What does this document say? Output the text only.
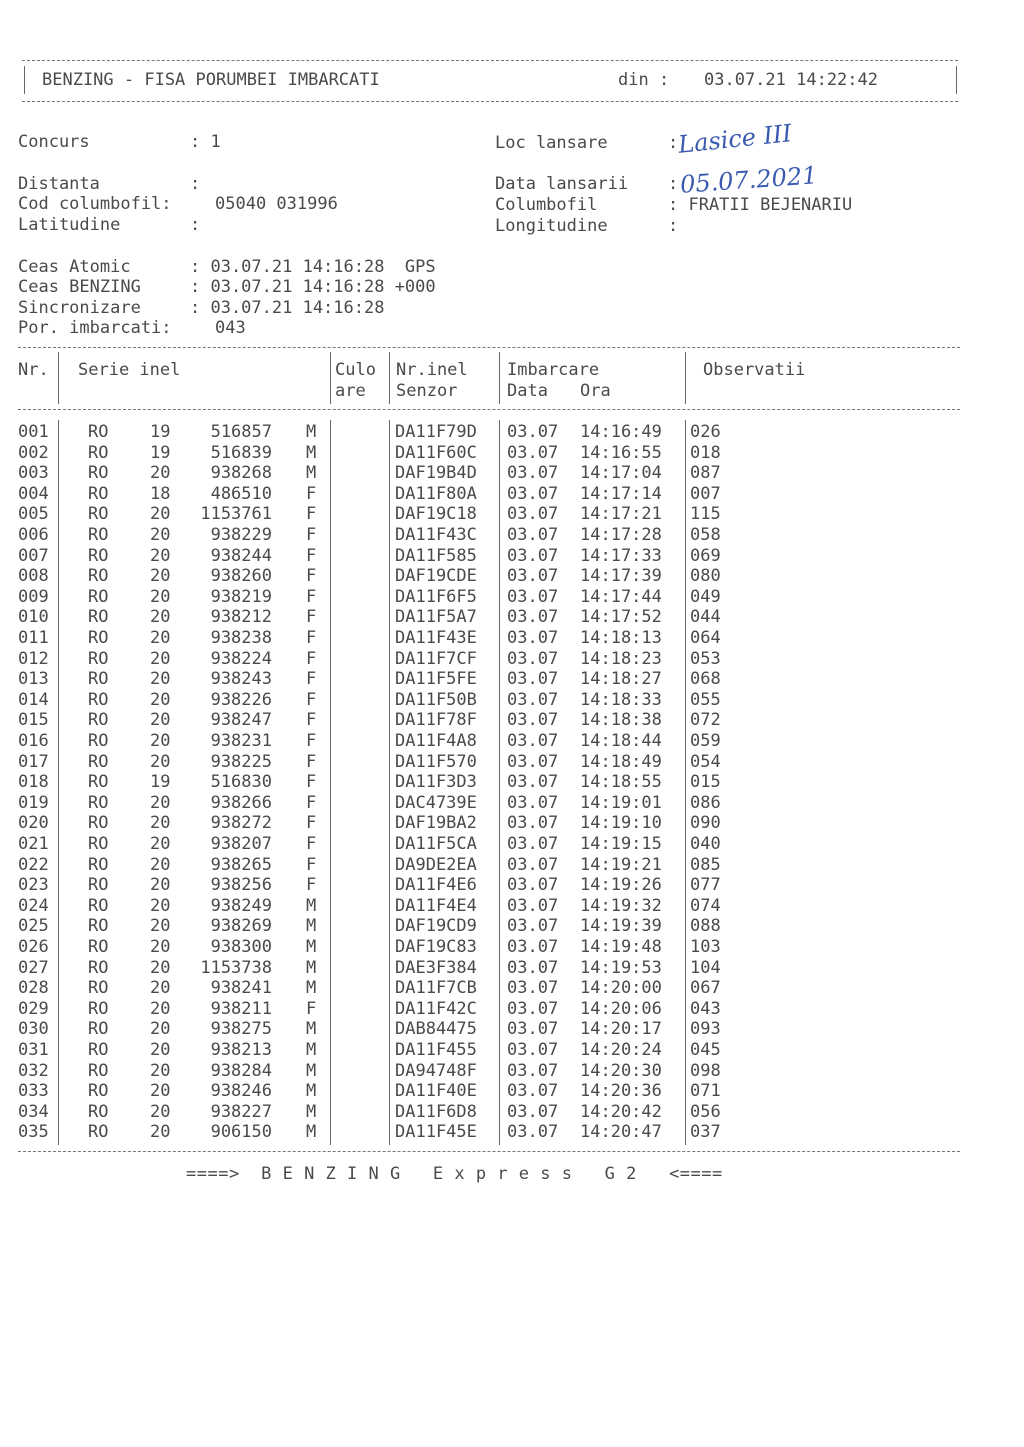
BENZING - FISA PORUMBEI IMBARCATI	din : 03.07.21 14:22:42
Concurs	: 1	Loc lansare	:
Lasice III
Distanta	:	Data lansarii : 05.07.2021
Cod columbofil:	05040 031996	Columbofil	: FRATII BEJENARIU
Latitudine	:	Longitudine	:
Ceas Atomic	: 03.07.21 14:16:28  GPS
Ceas BENZING	: 03.07.21 14:16:28 +000
Sincronizare	: 03.07.21 14:16:28
Por. imbarcati:	043
Nr. Serie inel	Culo
are
Nr.inel
Senzor
Imbarcare
Data Ora
Observatii
001 RO 19	516857 M	DA11F79D 03.07 14:16:49 026
002 RO 19	516839 M	DA11F60C 03.07 14:16:55 018
003 RO 20	938268 M	DAF19B4D 03.07 14:17:04 087
004 RO 18	486510 F	DA11F80A 03.07 14:17:14 007
005 RO 20	1153761 F	DAF19C18 03.07 14:17:21 115
006 RO 20	938229 F	DA11F43C 03.07 14:17:28 058
007 RO 20	938244 F	DA11F585 03.07 14:17:33 069
008 RO 20	938260 F	DAF19CDE 03.07 14:17:39 080
009 RO 20	938219 F	DA11F6F5 03.07 14:17:44 049
010 RO 20	938212 F	DA11F5A7 03.07 14:17:52 044
011 RO 20	938238 F	DA11F43E 03.07 14:18:13 064
012 RO 20	938224 F	DA11F7CF 03.07 14:18:23 053
013 RO 20	938243 F	DA11F5FE 03.07 14:18:27 068
014 RO 20	938226 F	DA11F50B 03.07 14:18:33 055
015 RO 20	938247 F	DA11F78F 03.07 14:18:38 072
016 RO 20	938231 F	DA11F4A8 03.07 14:18:44 059
017 RO 20	938225 F	DA11F570 03.07 14:18:49 054
018 RO 19	516830 F	DA11F3D3 03.07 14:18:55 015
019 RO 20	938266 F	DAC4739E 03.07 14:19:01 086
020 RO 20	938272 F	DAF19BA2 03.07 14:19:10 090
021 RO 20	938207 F	DA11F5CA 03.07 14:19:15 040
022 RO 20	938265 F	DA9DE2EA 03.07 14:19:21 085
023 RO 20	938256 F	DA11F4E6 03.07 14:19:26 077
024 RO 20	938249 M	DA11F4E4 03.07 14:19:32 074
025 RO 20	938269 M	DAF19CD9 03.07 14:19:39 088
026 RO 20	938300 M	DAF19C83 03.07 14:19:48 103
027 RO 20	1153738 M	DAE3F384 03.07 14:19:53 104
028 RO 20	938241 M	DA11F7CB 03.07 14:20:00 067
029 RO 20	938211 F	DA11F42C 03.07 14:20:06 043
030 RO 20	938275 M	DAB84475 03.07 14:20:17 093
031 RO 20	938213 M	DA11F455 03.07 14:20:24 045
032 RO 20	938284 M	DA94748F 03.07 14:20:30 098
033 RO 20	938246 M	DA11F40E 03.07 14:20:36 071
034 RO 20	938227 M	DA11F6D8 03.07 14:20:42 056
035 RO 20	906150 M	DA11F45E 03.07 14:20:47 037
====>  B E N Z I N G   E x p r e s s   G 2   <====
